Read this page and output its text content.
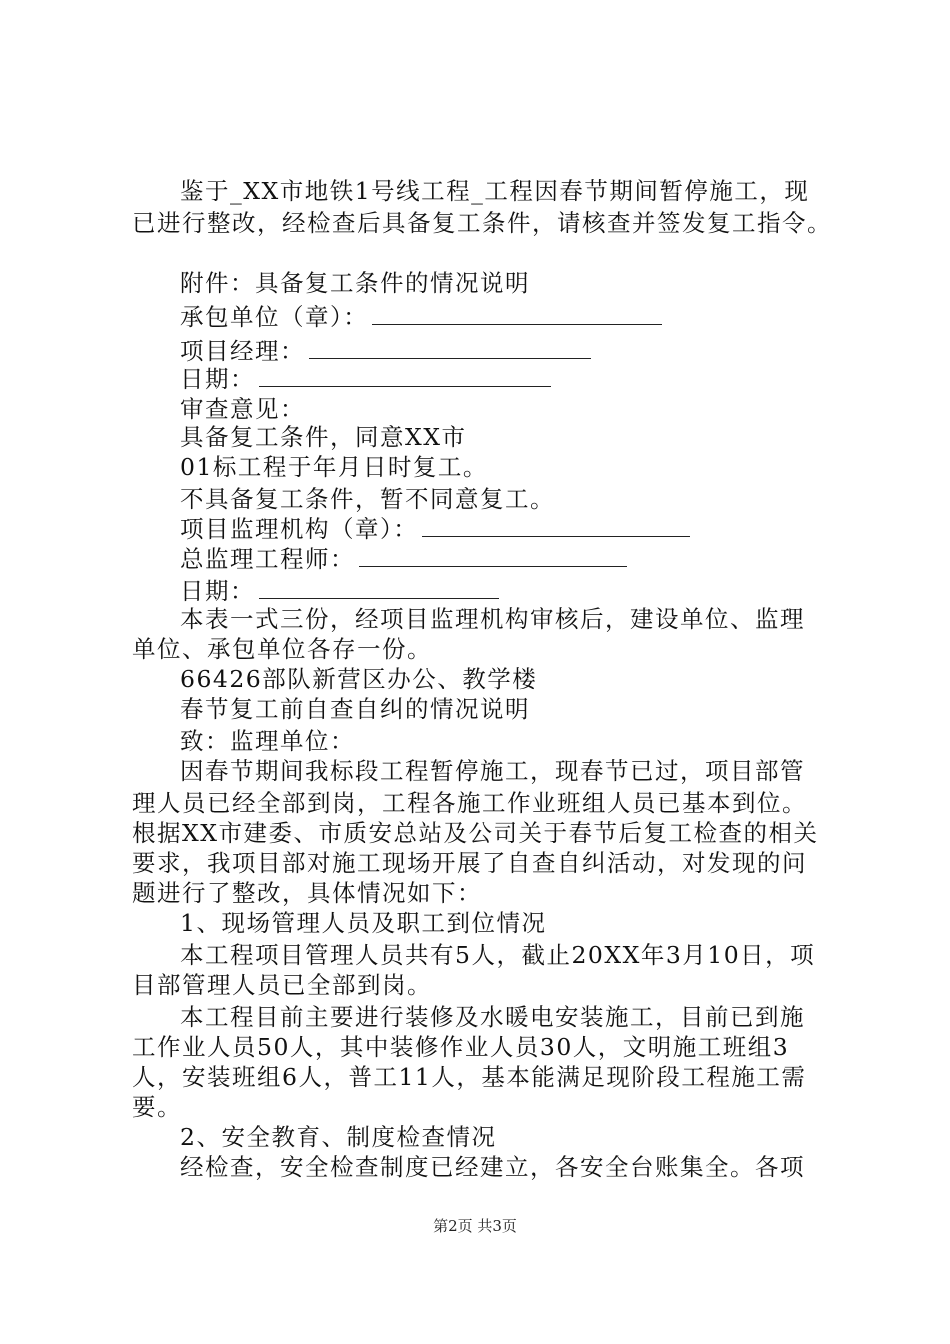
鉴于_XX市地铁1号线工程_工程因春节期间暂停施工，现
已进行整改，经检查后具备复工条件，请核查并签发复工指令。
附件：具备复工条件的情况说明
承包单位（章）：
项目经理：
日期：
审查意见：
具备复工条件，同意XX市
01标工程于年月日时复工。
不具备复工条件，暂不同意复工。
项目监理机构（章）：
总监理工程师：
日期：
本表一式三份，经项目监理机构审核后，建设单位、监理
单位、承包单位各存一份。
66426部队新营区办公、教学楼
春节复工前自查自纠的情况说明
致：监理单位：
因春节期间我标段工程暂停施工，现春节已过，项目部管
理人员已经全部到岗，工程各施工作业班组人员已基本到位。
根据XX市建委、市质安总站及公司关于春节后复工检查的相关
要求，我项目部对施工现场开展了自查自纠活动，对发现的问
题进行了整改，具体情况如下：
1、现场管理人员及职工到位情况
本工程项目管理人员共有5人，截止20XX年3月10日，项
目部管理人员已全部到岗。
本工程目前主要进行装修及水暖电安装施工，目前已到施
工作业人员50人，其中装修作业人员30人，文明施工班组3
人，安装班组6人，普工11人，基本能满足现阶段工程施工需
要。
2、安全教育、制度检查情况
经检查，安全检查制度已经建立，各安全台账集全。各项
第2页 共3页
